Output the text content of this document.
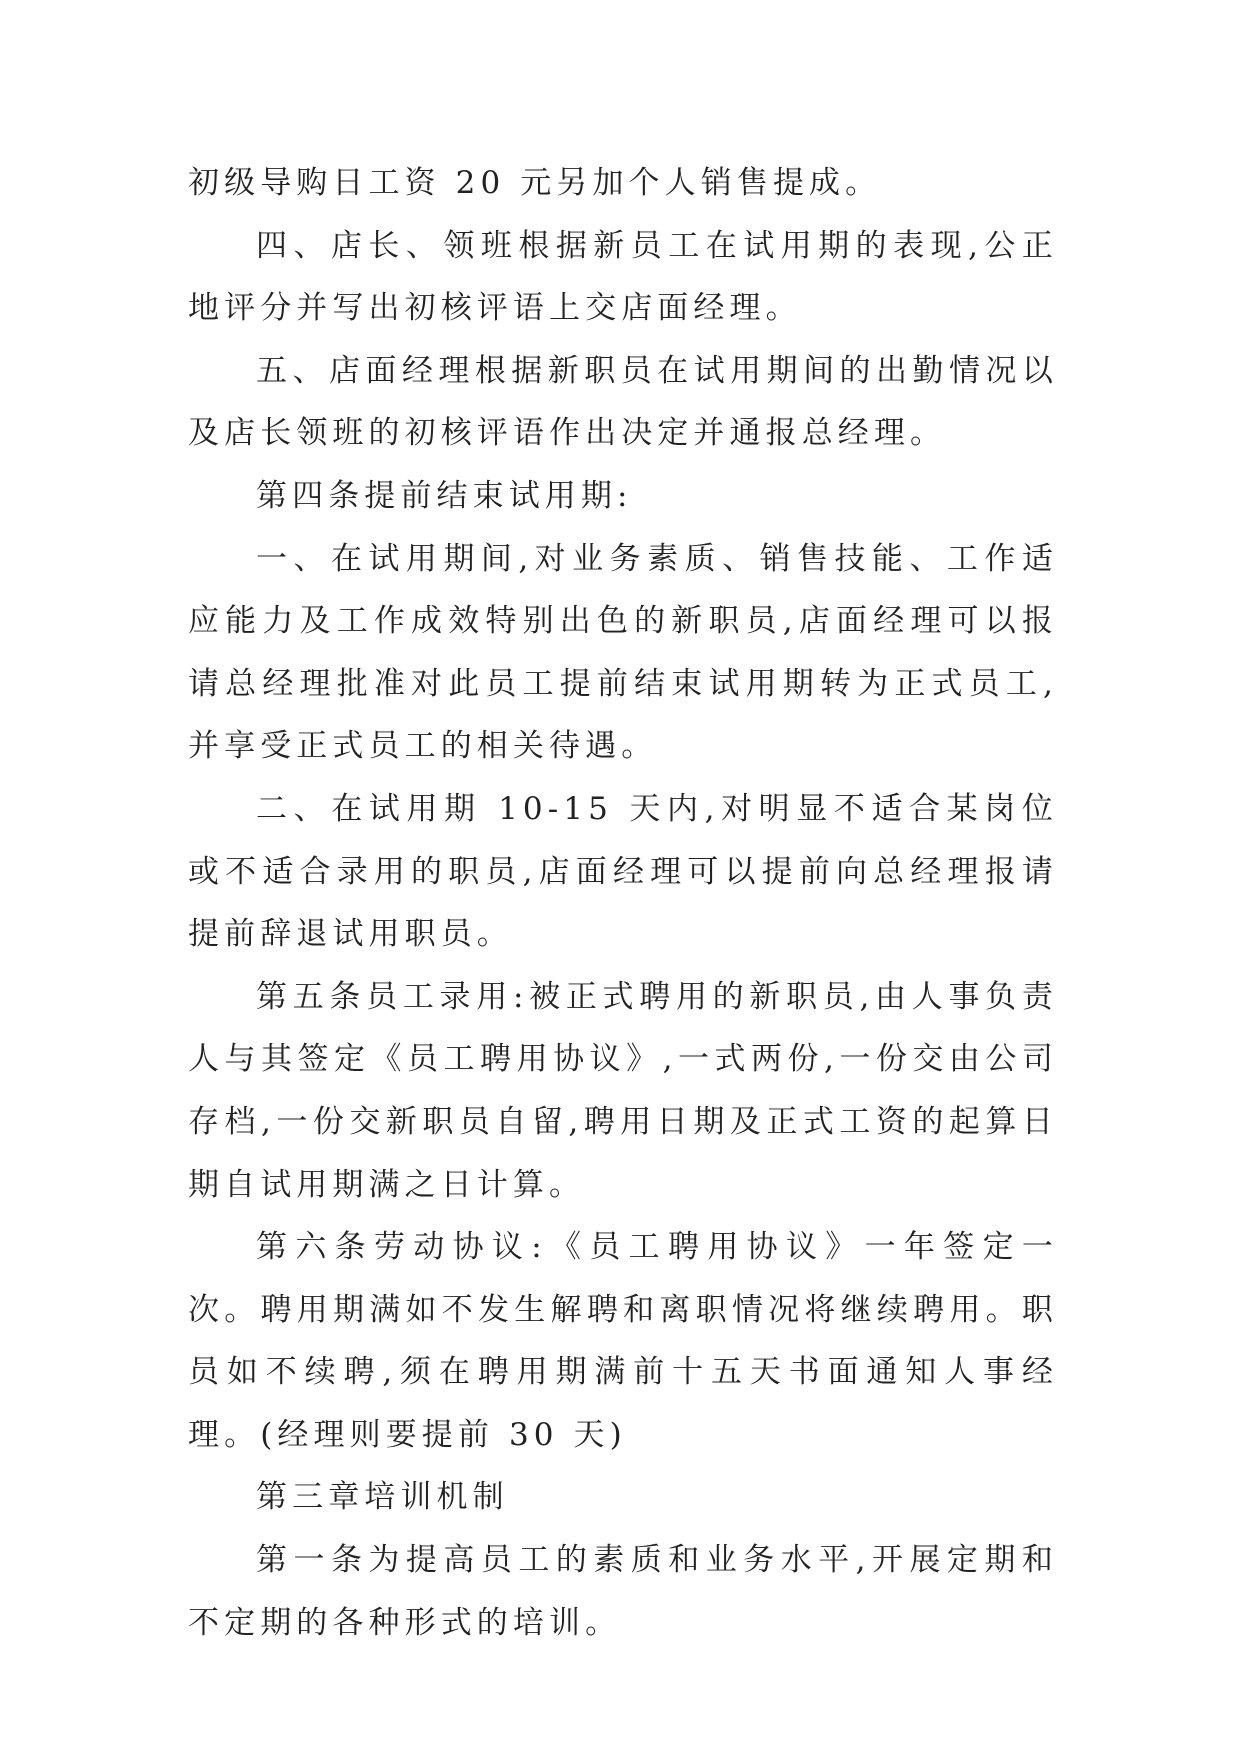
初级导购日工资 20 元另加个人销售提成。

四、店长、领班根据新员工在试用期的表现,公正地评分并写出初核评语上交店面经理。

五、店面经理根据新职员在试用期间的出勤情况以及店长领班的初核评语作出决定并通报总经理。

第四条提前结束试用期:

一、在试用期间,对业务素质、销售技能、工作适应能力及工作成效特别出色的新职员,店面经理可以报请总经理批准对此员工提前结束试用期转为正式员工,并享受正式员工的相关待遇。

二、在试用期 10-15 天内,对明显不适合某岗位或不适合录用的职员,店面经理可以提前向总经理报请提前辞退试用职员。

第五条员工录用:被正式聘用的新职员,由人事负责人与其签定《员工聘用协议》,一式两份,一份交由公司存档,一份交新职员自留,聘用日期及正式工资的起算日期自试用期满之日计算。

第六条劳动协议:《员工聘用协议》一年签定一次。聘用期满如不发生解聘和离职情况将继续聘用。职员如不续聘,须在聘用期满前十五天书面通知人事经理。(经理则要提前 30 天)

第三章培训机制

第一条为提高员工的素质和业务水平,开展定期和不定期的各种形式的培训。
